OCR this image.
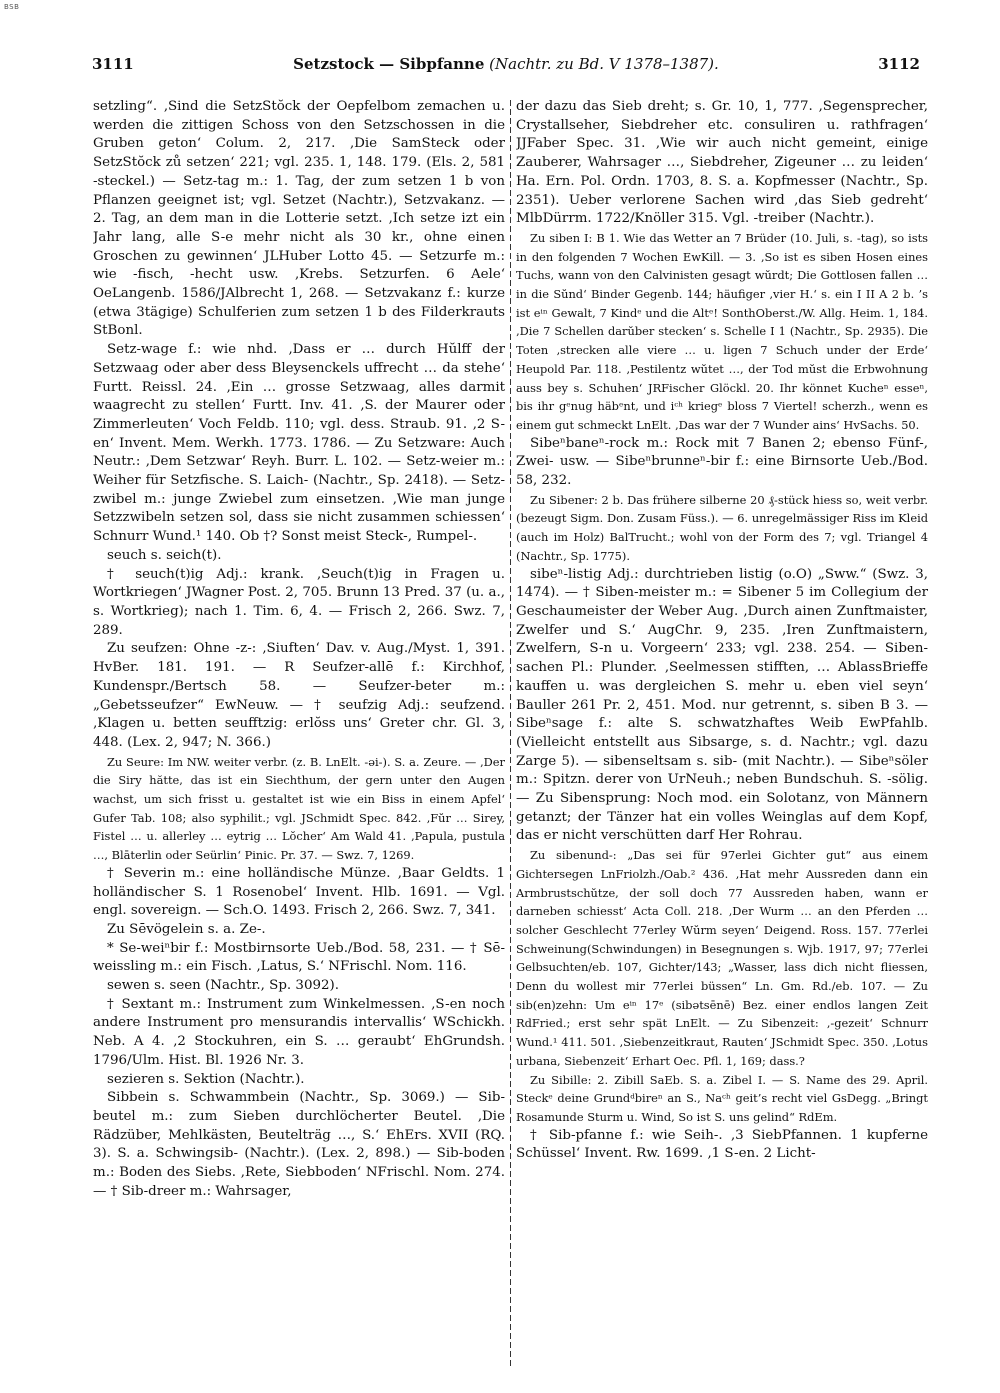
BSB
3111	Setzstock — Sibpfanne (Nachtr. zu Bd. V 1378–1387).	3112

setzling“. ‚Sind die SetzStŏck der Oepfelbom zemachen u. werden die zittigen Schoss von den Setzschossen in die Gruben geton‘ Colum. 2, 217. ‚Die SamSteck oder SetzStŏck zů setzen‘ 221; vgl. 235. 1, 148. 179. (Els. 2, 581 -steckel.) — Setz-tag m.: 1. Tag, der zum setzen 1 b von Pflanzen geeignet ist; vgl. Setzet (Nachtr.), Setzvakanz. — 2. Tag, an dem man in die Lotterie setzt. ‚Ich setze izt ein Jahr lang, alle S-e mehr nicht als 30 kr., ohne einen Groschen zu gewinnen‘ JLHuber Lotto 45. — Setzurfe m.: wie -fisch, -hecht usw. ‚Krebs. Setzurfen. 6 Aele‘ OeLangenb. 1586/JAlbrecht 1, 268. — Setzvakanz f.: kurze (etwa 3tägige) Schulferien zum setzen 1 b des Filderkrauts StBonl.

Setz-wage f.: wie nhd. ‚Dass er … durch Hŭlff der Setzwaag oder aber dess Bleysenckels uffrecht … da stehe‘ Furtt. Reissl. 24. ‚Ein … grosse Setzwaag, alles darmit waagrecht zu stellen‘ Furtt. Inv. 41. ‚S. der Maurer oder Zimmerleuten‘ Voch Feldb. 110; vgl. dess. Straub. 91. ‚2 S-en‘ Invent. Mem. Werkh. 1773. 1786. — Zu Setzware: Auch Neutr.: ‚Dem Setzwar‘ Reyh. Burr. L. 102. — Setz-weier m.: Weiher für Setzfische. S. Laich- (Nachtr., Sp. 2418). — Setz-zwibel m.: junge Zwiebel zum einsetzen. ‚Wie man junge Setzzwibeln setzen sol, dass sie nicht zusammen schiessen‘ Schnurr Wund.¹ 140. Ob †? Sonst meist Steck-, Rumpel-.

seuch s. seich(t).

† seuch(t)ig Adj.: krank. ‚Seuch(t)ig in Fragen u. Wortkriegen‘ JWagner Post. 2, 705. Brunn 13 Pred. 37 (u. a., s. Wortkrieg); nach 1. Tim. 6, 4. — Frisch 2, 266. Swz. 7, 289.

Zu seufzen: Ohne -z-: ‚Siuften‘ Dav. v. Aug./Myst. 1, 391. HvBer. 181. 191. — R Seufzer-allē f.: Kirchhof, Kundenspr./Bertsch 58. — Seufzer-beter m.: „Gebetsseufzer“ EwNeuw. — † seufzig Adj.: seufzend. ‚Klagen u. betten seufftzig: erlŏss uns‘ Greter chr. Gl. 3, 448. (Lex. 2, 947; N. 366.)

Zu Seure: Im NW. weiter verbr. (z. B. LnElt. -əi-). S. a. Zeure. — ‚Der die Siry hătte, das ist ein Siechthum, der gern unter den Augen wachst, um sich frisst u. gestaltet ist wie ein Biss in einem Apfel‘ Gufer Tab. 108; also syphilit.; vgl. JSchmidt Spec. 842. ‚Fŭr … Sirey, Fistel … u. allerley … eytrig … Lŏcher‘ Am Wald 41. ‚Papula, pustula …, Blāterlin oder Seürlin‘ Pinic. Pr. 37. — Swz. 7, 1269.

† Severin m.: eine holländische Münze. ‚Baar Geldts. 1 holländischer S. 1 Rosenobel‘ Invent. Hlb. 1691. — Vgl. engl. sovereign. — Sch.O. 1493. Frisch 2, 266. Swz. 7, 341.

Zu Sēvögelein s. a. Ze-.

* Se-weiⁿbir f.: Mostbirnsorte Ueb./Bod. 58, 231. — † Sē-weissling m.: ein Fisch. ‚Latus, S.‘ NFrischl. Nom. 116.

sewen s. seen (Nachtr., Sp. 3092).

† Sextant m.: Instrument zum Winkelmessen. ‚S-en noch andere Instrument pro mensurandis intervallis‘ WSchickh. Neb. A 4. ‚2 Stockuhren, ein S. … geraubt‘ EhGrundsh. 1796/Ulm. Hist. Bl. 1926 Nr. 3.

sezieren s. Sektion (Nachtr.).

Sibbein s. Schwammbein (Nachtr., Sp. 3069.) — Sib-beutel m.: zum Sieben durchlöcherter Beutel. ‚Die Rädzüber, Mehlkästen, Beutelträg …, S.‘ EhErs. XVII (RQ. 3). S. a. Schwingsib- (Nachtr.). (Lex. 2, 898.) — Sib-boden m.: Boden des Siebs. ‚Rete, Siebboden‘ NFrischl. Nom. 274. — † Sib-dreer m.: Wahrsager,

der dazu das Sieb dreht; s. Gr. 10, 1, 777. ‚Segensprecher, Crystallseher, Siebdreher etc. consuliren u. rathfragen‘ JJFaber Spec. 31. ‚Wie wir auch nicht gemeint, einige Zauberer, Wahrsager …, Siebdreher, Zigeuner … zu leiden‘ Ha. Ern. Pol. Ordn. 1703, 8. S. a. Kopfmesser (Nachtr., Sp. 2351). Ueber verlorene Sachen wird ‚das Sieb gedreht‘ MlbDürrm. 1722/Knöller 315. Vgl. -treiber (Nachtr.).

Zu siben I: B 1. Wie das Wetter an 7 Brüder (10. Juli, s. -tag), so ists in den folgenden 7 Wochen EwKill. — 3. ‚So ist es siben Hosen eines Tuchs, wann von den Calvinisten gesagt wŭrdt; Die Gottlosen fallen … in die Sŭnd‘ Binder Gegenb. 144; häufiger ‚vier H.‘ s. ein I II A 2 b. ’s ist eⁱⁿ Gewalt, 7 Kindᵉ und die Altᵉ! SonthOberst./W. Allg. Heim. 1, 184. ‚Die 7 Schellen darŭber stecken‘ s. Schelle I 1 (Nachtr., Sp. 2935). Die Toten ‚strecken alle viere … u. ligen 7 Schuch under der Erde‘ Heupold Par. 118. ‚Pestilentz wŭtet …, der Tod mŭst die Erbwohnung auss bey s. Schuhen‘ JRFischer Glöckl. 20. Ihr könnet Kucheⁿ esseⁿ, bis ihr gᵉnug häbᵉnt, und iᶜʰ kriegᵉ bloss 7 Viertel! scherzh., wenn es einem gut schmeckt LnElt. ‚Das war der 7 Wunder ains‘ HvSachs. 50.

Sibeⁿbaneⁿ-rock m.: Rock mit 7 Banen 2; ebenso Fünf-, Zwei- usw. — Sibeⁿbrunneⁿ-bir f.: eine Birnsorte Ueb./Bod. 58, 232.

Zu Sibener: 2 b. Das frühere silberne 20 ₰-stück hiess so, weit verbr. (bezeugt Sigm. Don. Zusam Füss.). — 6. unregelmässiger Riss im Kleid (auch im Holz) BalTrucht.; wohl von der Form des 7; vgl. Triangel 4 (Nachtr., Sp. 1775).

sibeⁿ-listig Adj.: durchtrieben listig (o.O) „Sww.“ (Swz. 3, 1474). — † Siben-meister m.: = Sibener 5 im Collegium der Geschaumeister der Weber Aug. ‚Durch ainen Zunftmaister, Zwelfer und S.‘ AugChr. 9, 235. ‚Iren Zunftmaistern, Zwelfern, S-n u. Vorgeern‘ 233; vgl. 238. 254. — Siben-sachen Pl.: Plunder. ‚Seelmessen stifften, … AblassBrieffe kauffen u. was dergleichen S. mehr u. eben viel seyn‘ Bauller 261 Pr. 2, 451. Mod. nur getrennt, s. siben B 3. — Sibeⁿsage f.: alte S. schwatzhaftes Weib EwPfahlb. (Vielleicht entstellt aus Sibsarge, s. d. Nachtr.; vgl. dazu Zarge 5). — sibenseltsam s. sib- (mit Nachtr.). — Sibeⁿsöler m.: Spitzn. derer von UrNeuh.; neben Bundschuh. S. -sölig. — Zu Sibensprung: Noch mod. ein Solotanz, von Männern getanzt; der Tänzer hat ein volles Weinglas auf dem Kopf, das er nicht verschütten darf Her Rohrau.

Zu sibenund-: „Das sei für 97erlei Gichter gut“ aus einem Gichtersegen LnFriolzh./Oab.² 436. ‚Hat mehr Aussreden dann ein Armbrustschŭtze, der soll doch 77 Aussreden haben, wann er darneben schiesst‘ Acta Coll. 218. ‚Der Wurm … an den Pferden … solcher Geschlecht 77erley Wŭrm seyen‘ Deigend. Ross. 157. 77erlei Schweinung(Schwindungen) in Besegnungen s. Wjb. 1917, 97; 77erlei Gelbsuchten/eb. 107, Gichter/143; „Wasser, lass dich nicht fliessen, Denn du wollest mir 77erlei büssen“ Ln. Gm. Rd./eb. 107. — Zu sib(en)zehn: Um eⁱⁿ 17ᵉ (sibətsēnē) Bez. einer endlos langen Zeit RdFried.; erst sehr spät LnElt. — Zu Sibenzeit: ‚-gezeit‘ Schnurr Wund.¹ 411. 501. ‚Siebenzeitkraut, Rauten‘ JSchmidt Spec. 350. ‚Lotus urbana, Siebenzeit‘ Erhart Oec. Pfl. 1, 169; dass.?

Zu Sibille: 2. Zibill SaEb. S. a. Zibel I. — S. Name des 29. April. Steckᵉ deine Grundᵈbireⁿ an S., Naᶜʰ geit’s recht viel GsDegg. „Bringt Rosamunde Sturm u. Wind, So ist S. uns gelind“ RdEm.

† Sib-pfanne f.: wie Seih-. ‚3 SiebPfannen. 1 kupferne Schüssel‘ Invent. Rw. 1699. ‚1 S-en. 2 Licht-
